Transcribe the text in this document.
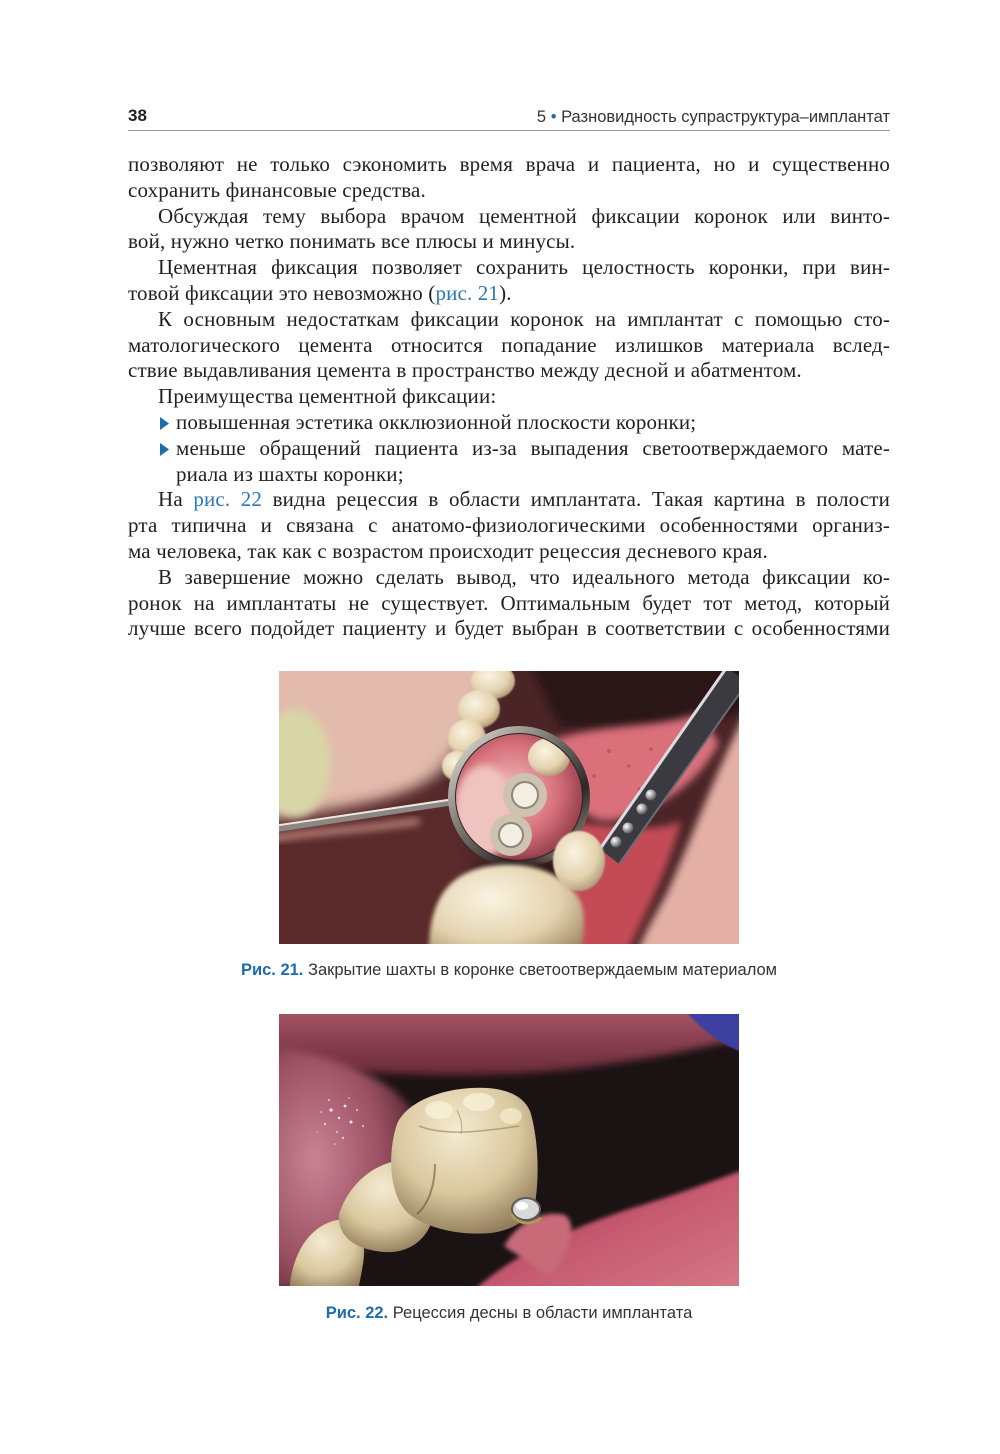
38	5 • Разновидность супраструктура–имплантат
позволяют не только сэкономить время врача и пациента, но и существенно
сохранить финансовые средства.
Обсуждая тему выбора врачом цементной фиксации коронок или винто-
вой, нужно четко понимать все плюсы и минусы.
Цементная фиксация позволяет сохранить целостность коронки, при вин-
товой фиксации это невозможно (рис. 21).
К основным недостаткам фиксации коронок на имплантат с помощью сто-
матологического цемента относится попадание излишков материала вслед-
ствие выдавливания цемента в пространство между десной и абатментом.
Преимущества цементной фиксации:
повышенная эстетика окклюзионной плоскости коронки;
меньше обращений пациента из-за выпадения светоотверждаемого мате-
риала из шахты коронки;
На рис. 22 видна рецессия в области имплантата. Такая картина в полости
рта типична и связана с анатомо-физиологическими особенностями организ-
ма человека, так как с возрастом происходит рецессия десневого края.
В завершение можно сделать вывод, что идеального метода фиксации ко-
ронок на имплантаты не существует. Оптимальным будет тот метод, который
лучше всего подойдет пациенту и будет выбран в соответствии с особенностями
Рис. 21. Закрытие шахты в коронке светоотверждаемым материалом
Рис. 22. Рецессия десны в области имплантата
